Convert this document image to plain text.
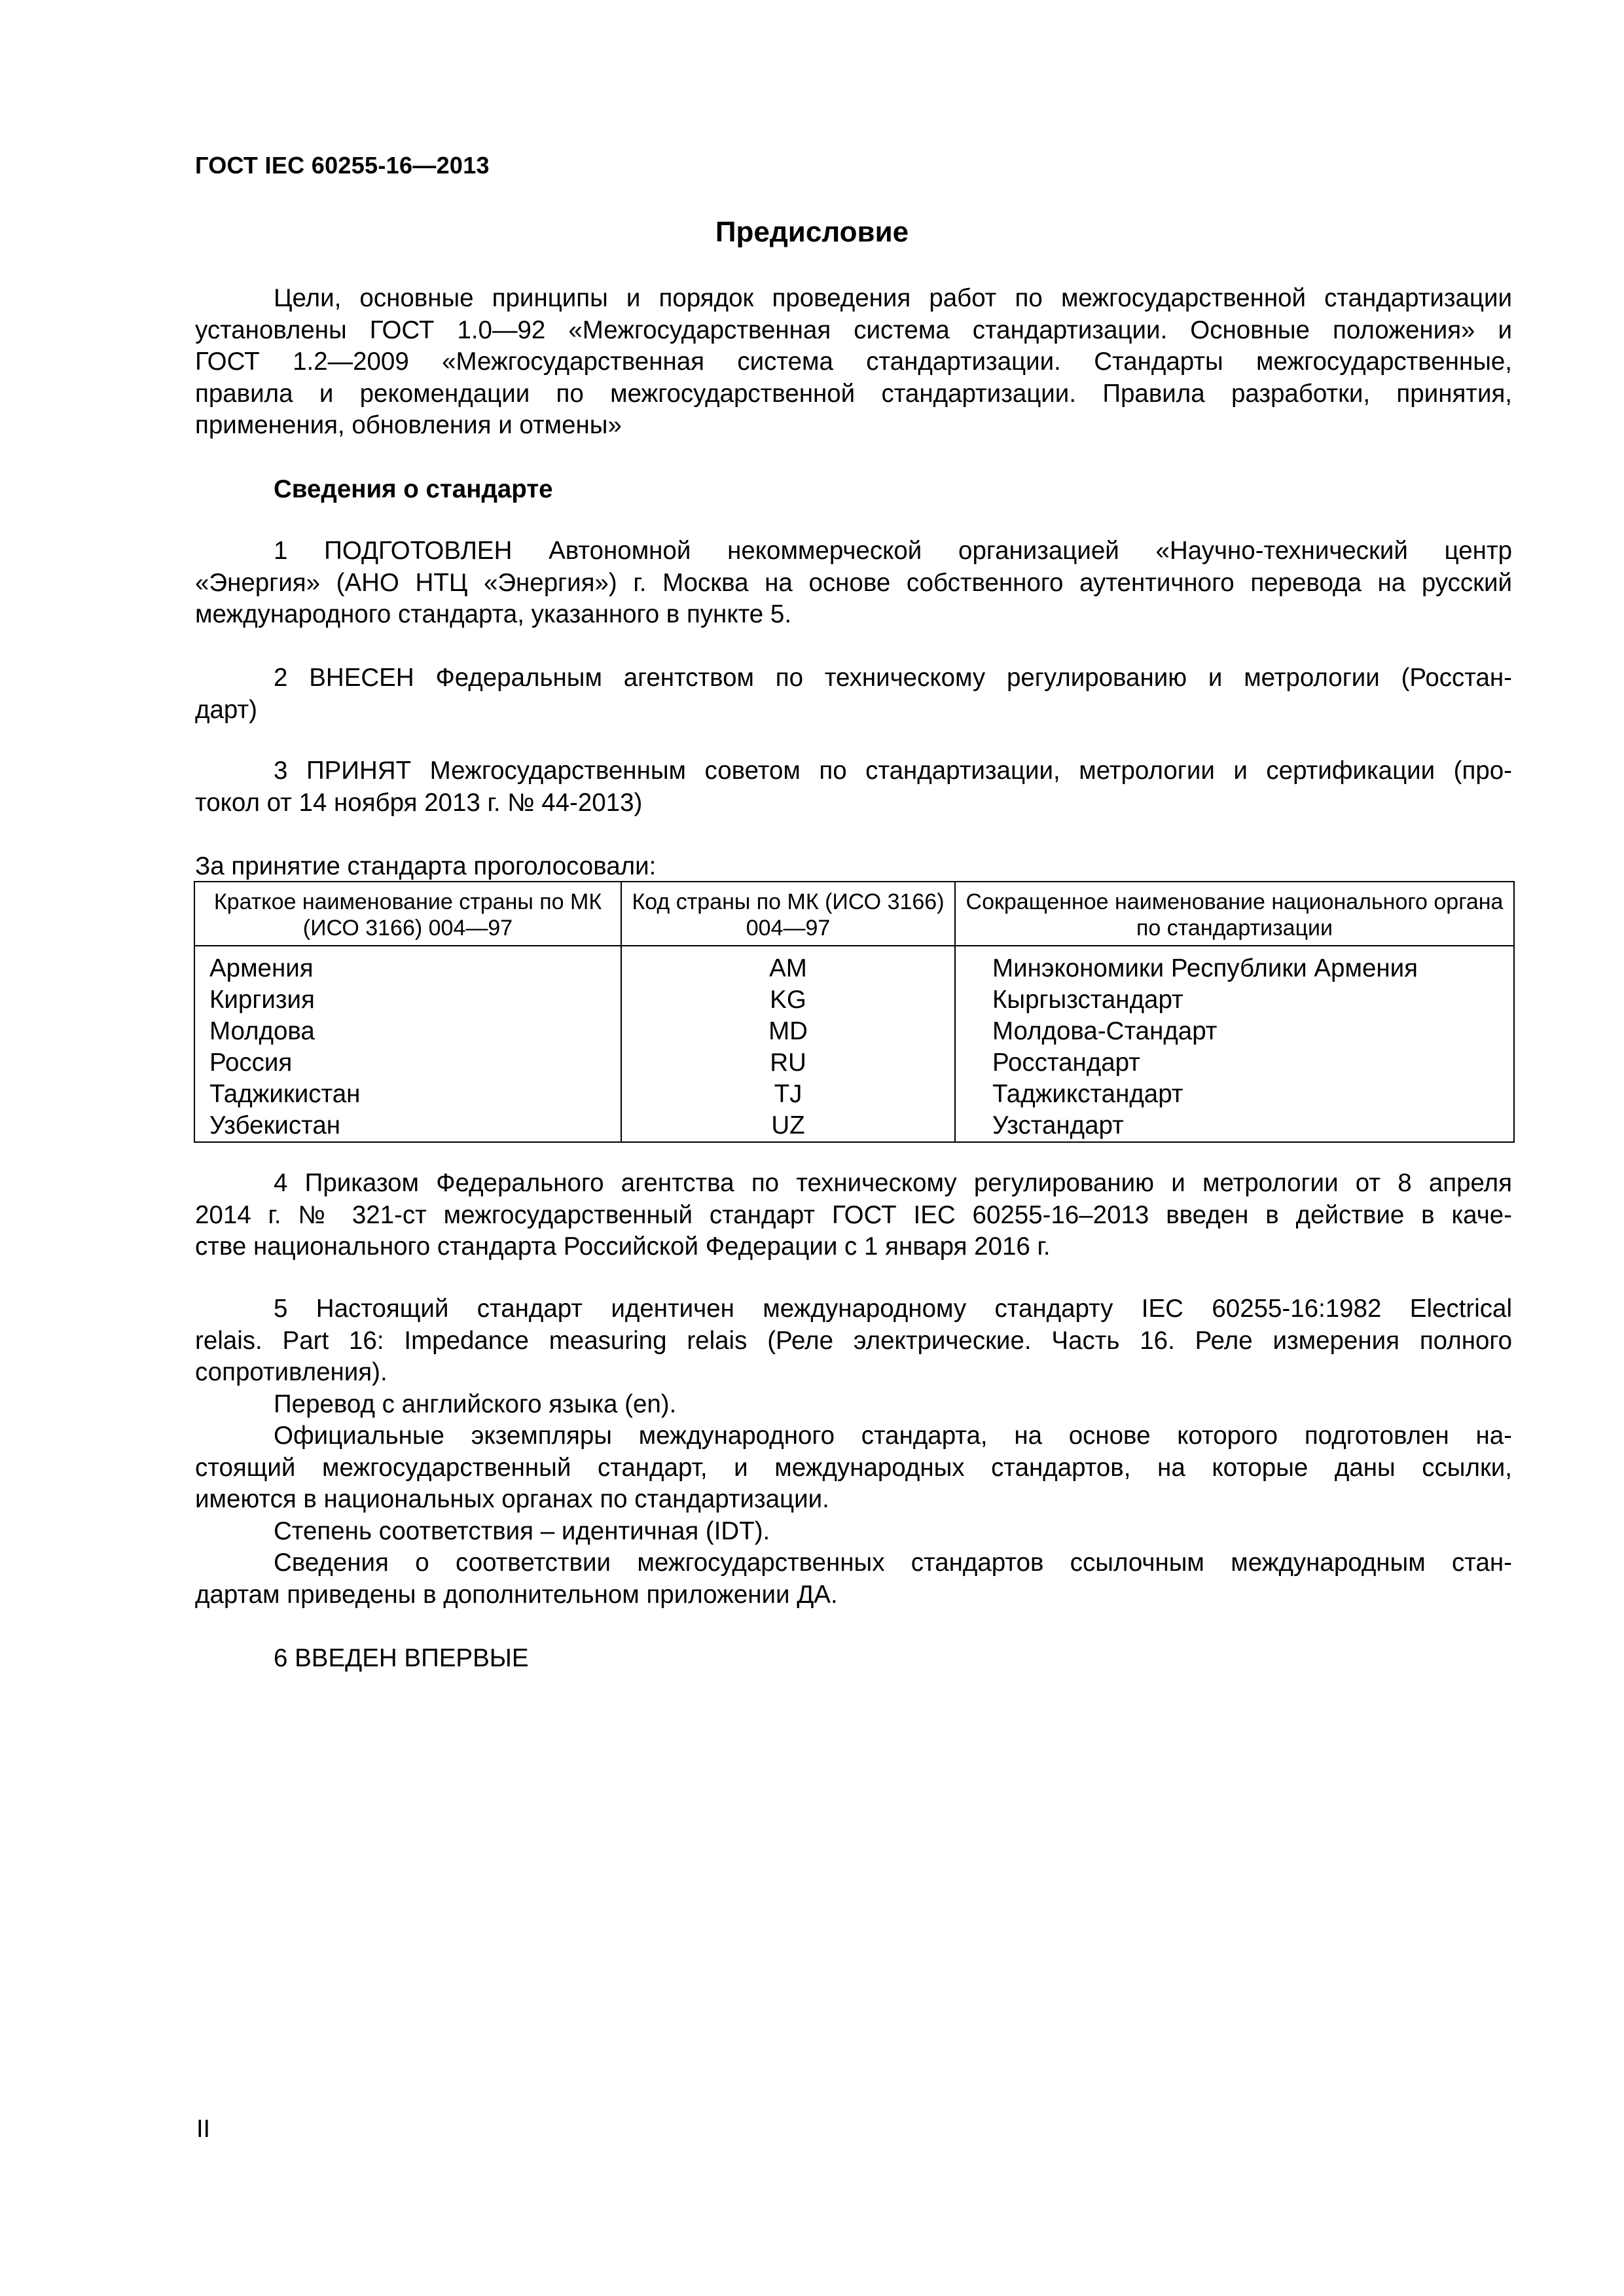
ГОСТ IEC 60255-16—2013
Предисловие
Цели, основные принципы и порядок проведения работ по межгосударственной стандартизации
установлены ГОСТ 1.0—92 «Межгосударственная система стандартизации. Основные положения» и
ГОСТ 1.2—2009 «Межгосударственная система стандартизации. Стандарты межгосударственные,
правила и рекомендации по межгосударственной стандартизации. Правила разработки, принятия,
применения, обновления и отмены»
Сведения о стандарте
1 ПОДГОТОВЛЕН Автономной некоммерческой организацией «Научно-технический центр
«Энергия» (АНО НТЦ «Энергия») г. Москва на основе собственного аутентичного перевода на русский
международного стандарта, указанного в пункте 5.
2 ВНЕСЕН Федеральным агентством по техническому регулированию и метрологии (Росстан-
дарт)
3 ПРИНЯТ Межгосударственным советом по стандартизации, метрологии и сертификации (про-
токол от 14 ноября 2013 г. № 44-2013)
За принятие стандарта проголосовали:
Краткое наименование страны по МК (ИСО 3166) 004—97	Код страны по МК (ИСО 3166) 004—97	Сокращенное наименование национального органа по стандартизации
Армения	AM	Минэкономики Республики Армения
Киргизия	KG	Кыргызстандарт
Молдова	MD	Молдова-Стандарт
Россия	RU	Росстандарт
Таджикистан	TJ	Таджикстандарт
Узбекистан	UZ	Узстандарт
4 Приказом Федерального агентства по техническому регулированию и метрологии от 8 апреля
2014 г. № 321-ст межгосударственный стандарт ГОСТ IEC 60255-16–2013 введен в действие в каче-
стве национального стандарта Российской Федерации с 1 января 2016 г.
5 Настоящий стандарт идентичен международному стандарту IEC 60255-16:1982 Electrical
relais. Part 16: Impedance measuring relais (Реле электрические. Часть 16. Реле измерения полного
сопротивления).
Перевод с английского языка (en).
Официальные экземпляры международного стандарта, на основе которого подготовлен на-
стоящий межгосударственный стандарт, и международных стандартов, на которые даны ссылки,
имеются в национальных органах по стандартизации.
Степень соответствия – идентичная (IDT).
Сведения о соответствии межгосударственных стандартов ссылочным международным стан-
дартам приведены в дополнительном приложении ДА.
6 ВВЕДЕН ВПЕРВЫЕ
II
